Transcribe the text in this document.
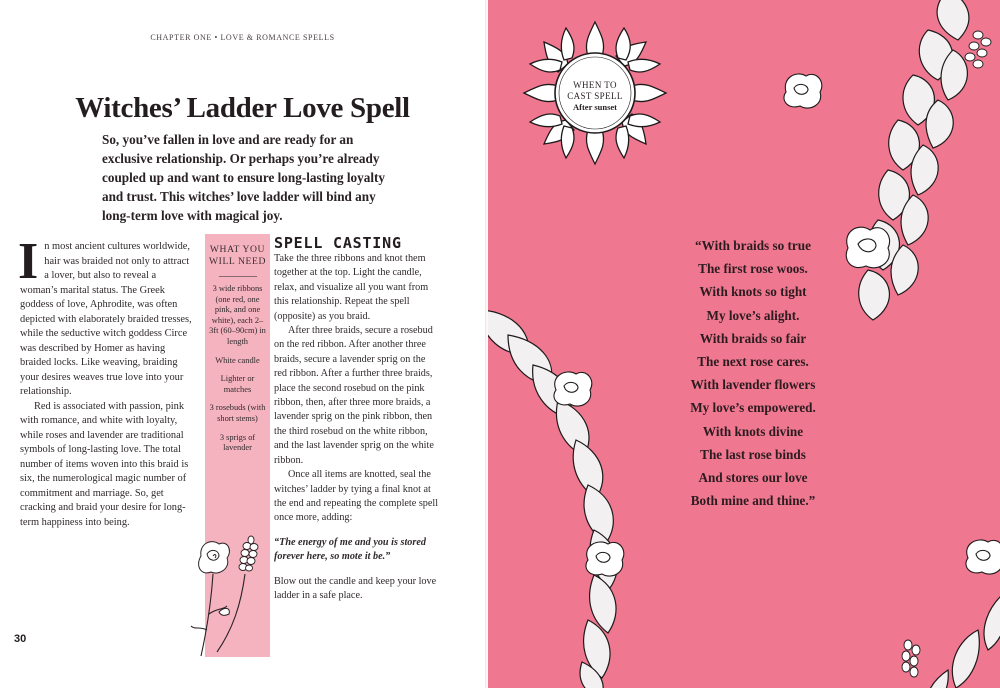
CHAPTER ONE • LOVE & ROMANCE SPELLS
Witches’ Ladder Love Spell

So, you’ve fallen in love and are ready for an exclusive relationship. Or perhaps you’re already coupled up and want to ensure long-lasting loyalty and trust. This witches’ love ladder will bind any long-term love with magical joy.

In most ancient cultures worldwide, hair was braided not only to attract a lover, but also to reveal a woman’s marital status. The Greek goddess of love, Aphrodite, was often depicted with elaborately braided tresses, while the seductive witch goddess Circe was described by Homer as having braided locks. Like weaving, braiding your desires weaves true love into your relationship.

Red is associated with passion, pink with romance, and white with loyalty, while roses and lavender are traditional symbols of long-lasting love. The total number of items woven into this braid is six, the numerological magic number of commitment and marriage. So, get cracking and braid your desire for long-term happiness into being.

WHAT YOU WILL NEED
3 wide ribbons (one red, one pink, and one white), each 2–3ft (60–90cm) in length
White candle
Lighter or matches
3 rosebuds (with short stems)
3 sprigs of lavender
SPELL CASTING

Take the three ribbons and knot them together at the top. Light the candle, relax, and visualize all you want from this relationship. Repeat the spell (opposite) as you braid.

After three braids, secure a rosebud on the red ribbon. After another three braids, secure a lavender sprig on the red ribbon. After a further three braids, place the second rosebud on the pink ribbon, then, after three more braids, a lavender sprig on the pink ribbon, then the third rosebud on the white ribbon, and the last lavender sprig on the white ribbon.

Once all items are knotted, seal the witches’ ladder by tying a final knot at the end and repeating the complete spell once more, adding:

“The energy of me and you is stored forever here, so mote it be.”

Blow out the candle and keep your love ladder in a safe place.

30
WHEN TO
CAST SPELL
After sunset
“With braids so true
The first rose woos.
With knots so tight
My love’s alight.
With braids so fair
The next rose cares.
With lavender flowers
My love’s empowered.
With knots divine
The last rose binds
And stores our love
Both mine and thine.”
